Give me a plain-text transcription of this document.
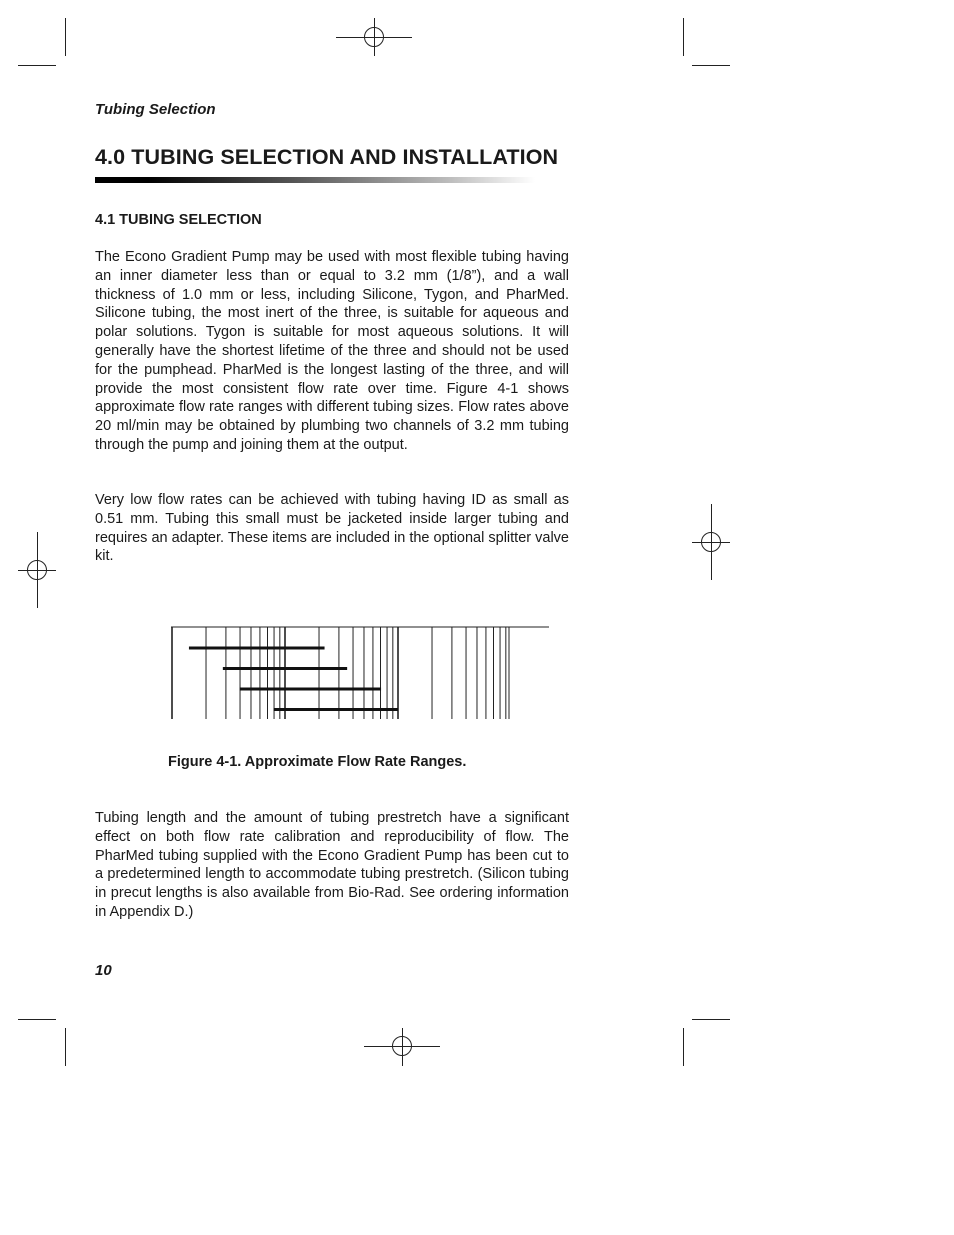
Tubing Selection
4.0 TUBING SELECTION AND INSTALLATION
4.1 TUBING SELECTION

The Econo Gradient Pump may be used with most flexible tubing having an inner diameter less than or equal to 3.2 mm (1/8”), and a wall thickness of 1.0 mm or less, including Silicone, Tygon, and PharMed. Silicone tubing, the most inert of the three, is suitable for aqueous and polar solutions. Tygon is suitable for most aqueous solutions. It will generally have the shortest lifetime of the three and should not be used for the pumphead. PharMed is the longest lasting of the three, and will provide the most consistent flow rate over time. Figure 4-1 shows approximate flow rate ranges with different tubing sizes. Flow rates above 20 ml/min may be obtained by plumbing two channels of 3.2 mm tubing through the pump and joining them at the output.

Very low flow rates can be achieved with tubing having ID as small as 0.51 mm. Tubing this small must be jacketed inside larger tubing and requires an adapter. These items are included in the optional splitter valve kit.

Figure 4-1. Approximate Flow Rate Ranges.

Tubing length and the amount of tubing prestretch have a significant effect on both flow rate calibration and reproducibility of flow. The PharMed tubing supplied with the Econo Gradient Pump has been cut to a predetermined length to accommodate tubing prestretch. (Silicon tubing in precut lengths is also available from Bio-Rad. See ordering information in Appendix D.)

10
